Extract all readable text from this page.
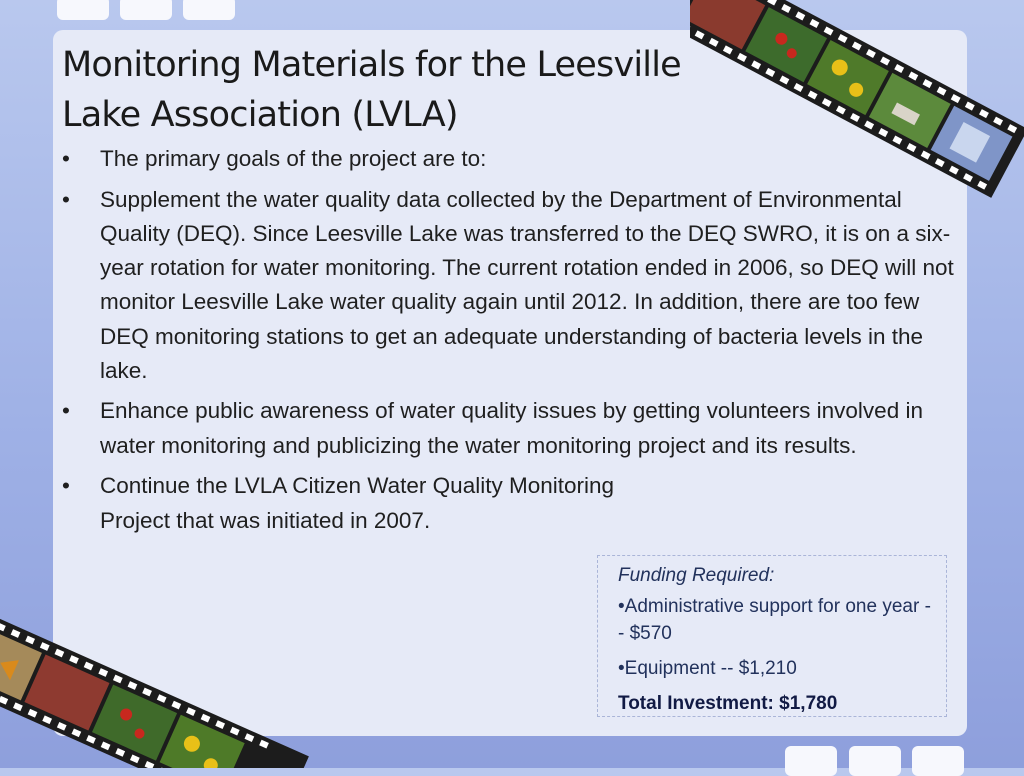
Monitoring Materials for the Leesville
Lake Association (LVLA)
•	The primary goals of the project are to:
•	Supplement the water quality data collected by the Department of Environmental Quality (DEQ). Since Leesville Lake was transferred to the DEQ SWRO, it is on a six-year rotation for water monitoring. The current rotation ended in 2006, so DEQ will not monitor Leesville Lake water quality again until 2012. In addition, there are too few DEQ monitoring stations to get an adequate understanding of bacteria levels in the lake.
•	Enhance public awareness of water quality issues by getting volunteers involved in water monitoring and publicizing the water monitoring project and its results.
•	Continue the LVLA Citizen Water Quality Monitoring Project that was initiated in 2007.

Funding Required:

•Administrative support for one year -- $570

•Equipment -- $1,210

Total Investment: $1,780
